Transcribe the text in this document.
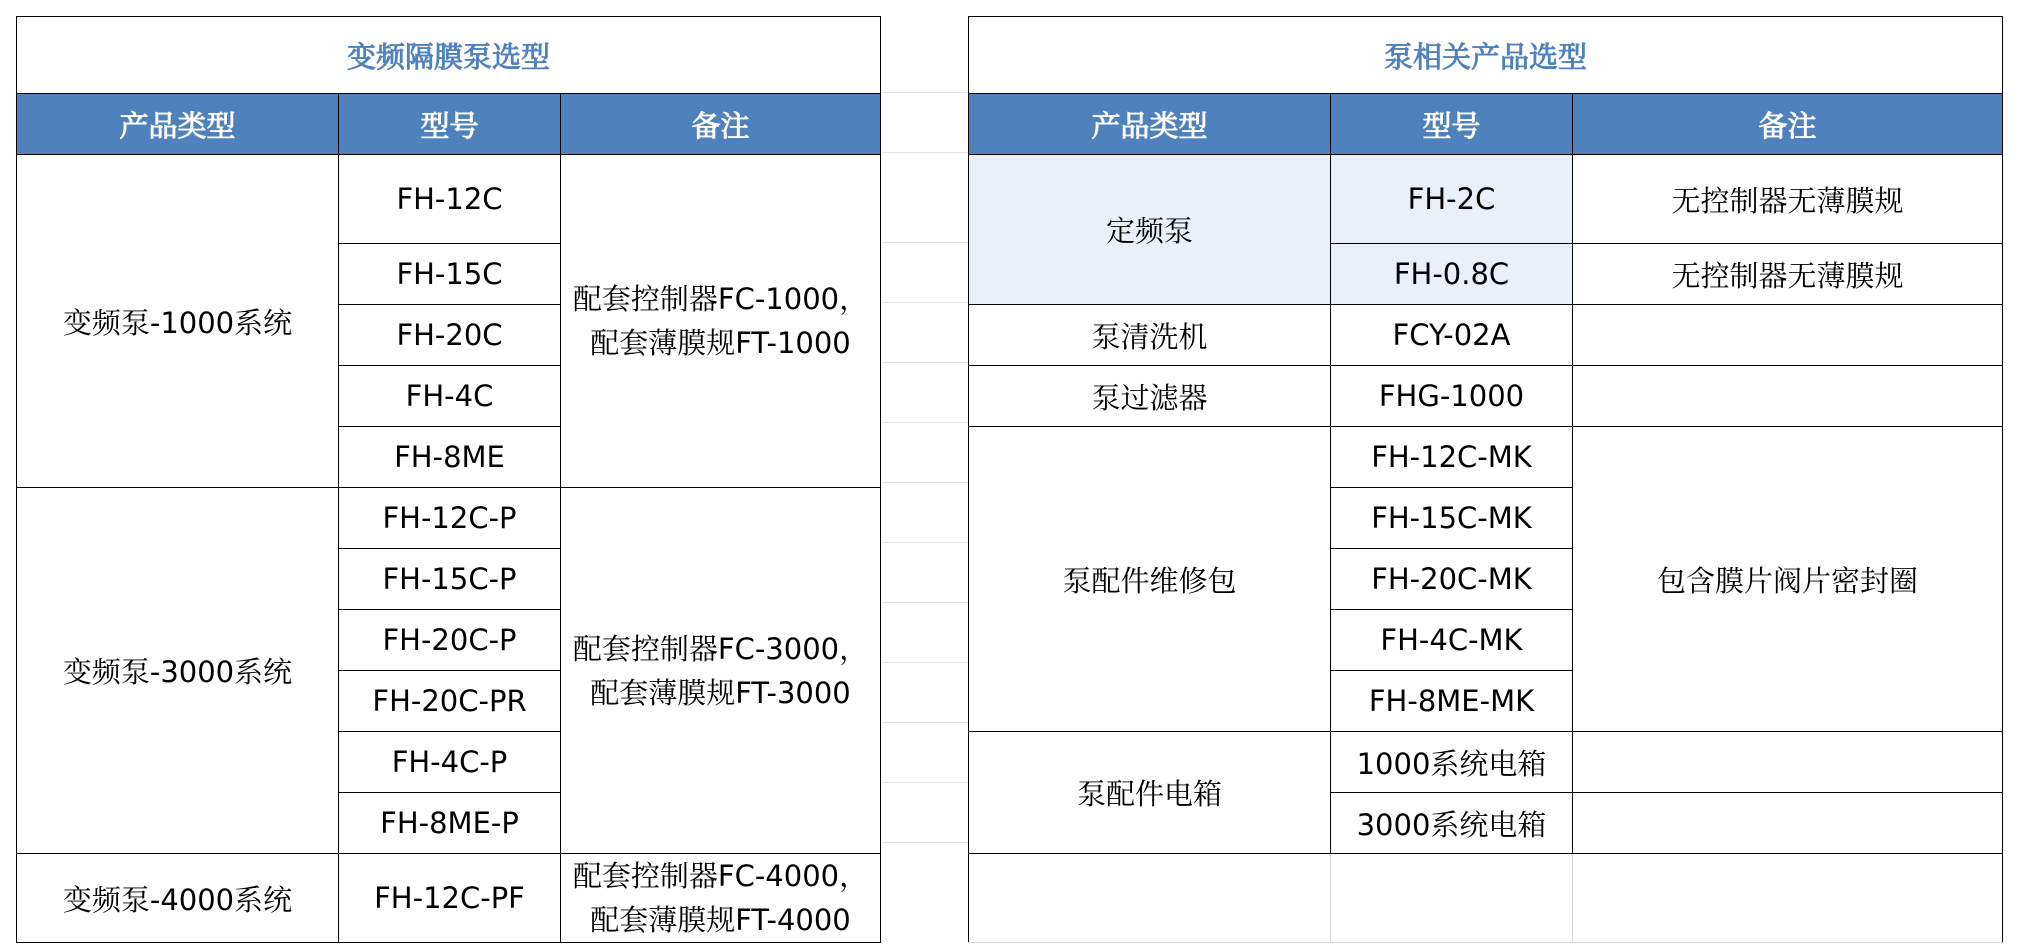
变频隔膜泵选型		
产品类型	型号	备注
变频泵-1000系统	FH-12C	配套控制器FC-1000，
配套薄膜规FT-1000
	FH-15C	
	FH-20C	
	FH-4C	
	FH-8ME	
变频泵-3000系统	FH-12C-P	配套控制器FC-3000，
配套薄膜规FT-3000
	FH-15C-P	
	FH-20C-P	
	FH-20C-PR	
	FH-4C-P	
	FH-8ME-P	
变频泵-4000系统	FH-12C-PF	配套控制器FC-4000，
配套薄膜规FT-4000
泵相关产品选型		
产品类型	型号	备注
定频泵	FH-2C	无控制器无薄膜规
	FH-0.8C	无控制器无薄膜规
泵清洗机	FCY-02A	
泵过滤器	FHG-1000	
泵配件维修包	FH-12C-MK	包含膜片阀片密封圈
	FH-15C-MK	
	FH-20C-MK	
	FH-4C-MK	
	FH-8ME-MK	
泵配件电箱	1000系统电箱	
	3000系统电箱	
